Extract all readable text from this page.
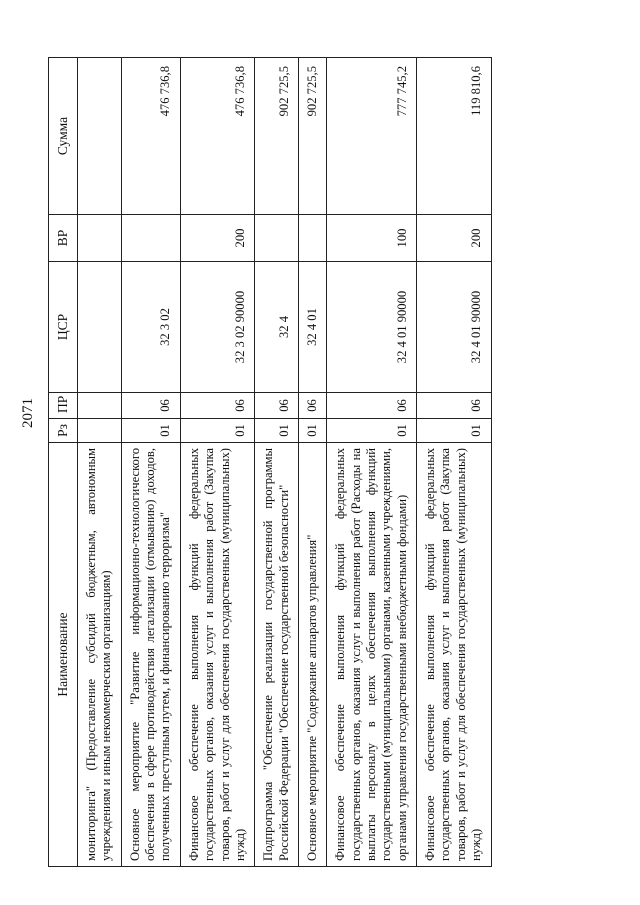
2071
Наименование	Рз	ПР	ЦСР	ВР	Сумма
мониторинга" (Предоставление субсидий бюджетным, автономным учреждениям и иным некоммерческим организациям)					
Основное мероприятие "Развитие информационно-технологического обеспечения в сфере противодействия легализации (отмыванию) доходов, полученных преступным путем, и финансированию терроризма"	01	06	32 3 02		476 736,8
Финансовое обеспечение выполнения функций федеральных государственных органов, оказания услуг и выполнения работ (Закупка товаров, работ и услуг для обеспечения государственных (муниципальных) нужд)	01	06	32 3 02 90000	200	476 736,8
Подпрограмма "Обеспечение реализации государственной программы Российской Федерации "Обеспечение государственной безопасности"	01	06	32 4		902 725,5
Основное мероприятие "Содержание аппаратов управления"	01	06	32 4 01		902 725,5
Финансовое обеспечение выполнения функций федеральных государственных органов, оказания услуг и выполнения работ (Расходы на выплаты персоналу в целях обеспечения выполнения функций государственными (муниципальными) органами, казенными учреждениями, органами управления государственными внебюджетными фондами)	01	06	32 4 01 90000	100	777 745,2
Финансовое обеспечение выполнения функций федеральных государственных органов, оказания услуг и выполнения работ (Закупка товаров, работ и услуг для обеспечения государственных (муниципальных) нужд)	01	06	32 4 01 90000	200	119 810,6
